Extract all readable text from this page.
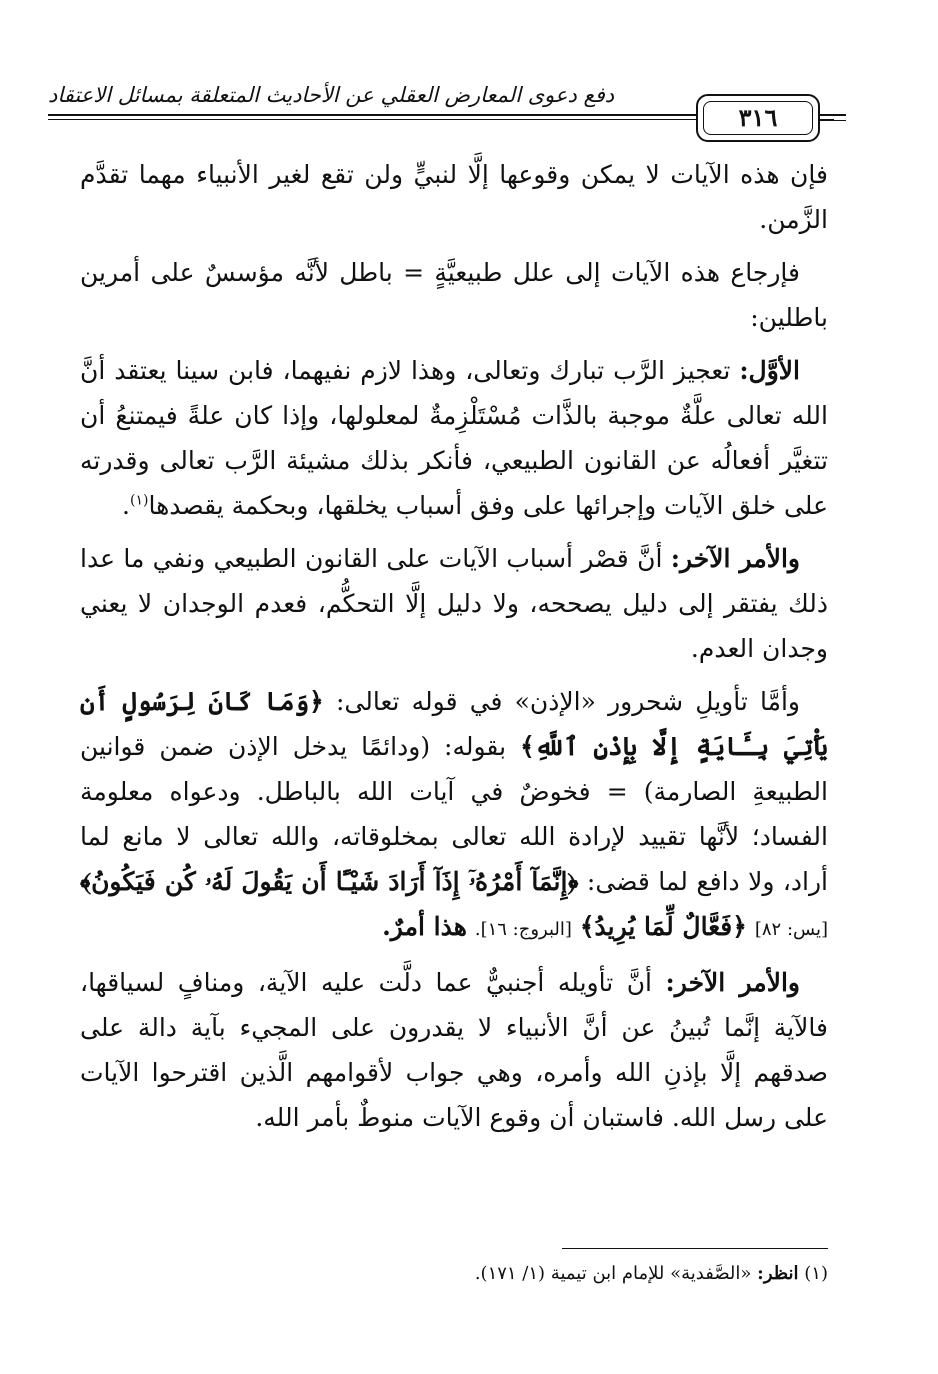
دفع دعوى المعارض العقلي عن الأحاديث المتعلقة بمسائل الاعتقاد
٣١٦

فإن هذه الآيات لا يمكن وقوعها إلَّا لنبيٍّ ولن تقع لغير الأنبياء مهما تقدَّم الزَّمن.

فإرجاع هذه الآيات إلى علل طبيعيَّةٍ = باطل لأنَّه مؤسسٌ على أمرين باطلين:

الأوَّل: تعجيز الرَّب تبارك وتعالى، وهذا لازم نفيهما، فابن سينا يعتقد أنَّ الله تعالى علَّةٌ موجبة بالذَّات مُسْتَلْزِمةٌ لمعلولها، وإذا كان علةً فيمتنعُ أن تتغيَّر أفعالُه عن القانون الطبيعي، فأنكر بذلك مشيئة الرَّب تعالى وقدرته على خلق الآيات وإجرائها على وفق أسباب يخلقها، وبحكمة يقصدها$^{(١)}$.

والأمر الآخر: أنَّ قصْر أسباب الآيات على القانون الطبيعي ونفي ما عدا ذلك يفتقر إلى دليل يصححه، ولا دليل إلَّا التحكُّم، فعدم الوجدان لا يعني وجدان العدم.

وأمَّا تأويلِ شحرور «الإذن» في قوله تعالى: ﴿وَمَا كَانَ لِرَسُولٍ أَن يَأْتِيَ بِـَٔايَةٍ إِلَّا بِإِذْنِ ٱللَّهِ﴾ بقوله: (ودائمًا يدخل الإذن ضمن قوانين الطبيعةِ الصارمة) = فخوضٌ في آيات الله بالباطل. ودعواه معلومة الفساد؛ لأنَّها تقييد لإرادة الله تعالى بمخلوقاته، والله تعالى لا مانع لما أراد، ولا دافع لما قضى: ﴿إِنَّمَآ أَمْرُهُۥٓ إِذَآ أَرَادَ شَيْـًٔا أَن يَقُولَ لَهُۥ كُن فَيَكُونُ﴾ [يس: ٨٢] ﴿فَعَّالٌ لِّمَا يُرِيدُ﴾ [البروج: ١٦]. هذا أمرٌ.

والأمر الآخر: أنَّ تأويله أجنبيٌّ عما دلَّت عليه الآية، ومنافٍ لسياقها، فالآية إنَّما تُبينُ عن أنَّ الأنبياء لا يقدرون على المجيء بآية دالة على صدقهم إلَّا بإذنِ الله وأمره، وهي جواب لأقوامهم الَّذين اقترحوا الآيات على رسل الله. فاستبان أن وقوع الآيات منوطٌ بأمر الله.

(١) انظر: «الصَّفدية» للإمام ابن تيمية (١/ ١٧١).
